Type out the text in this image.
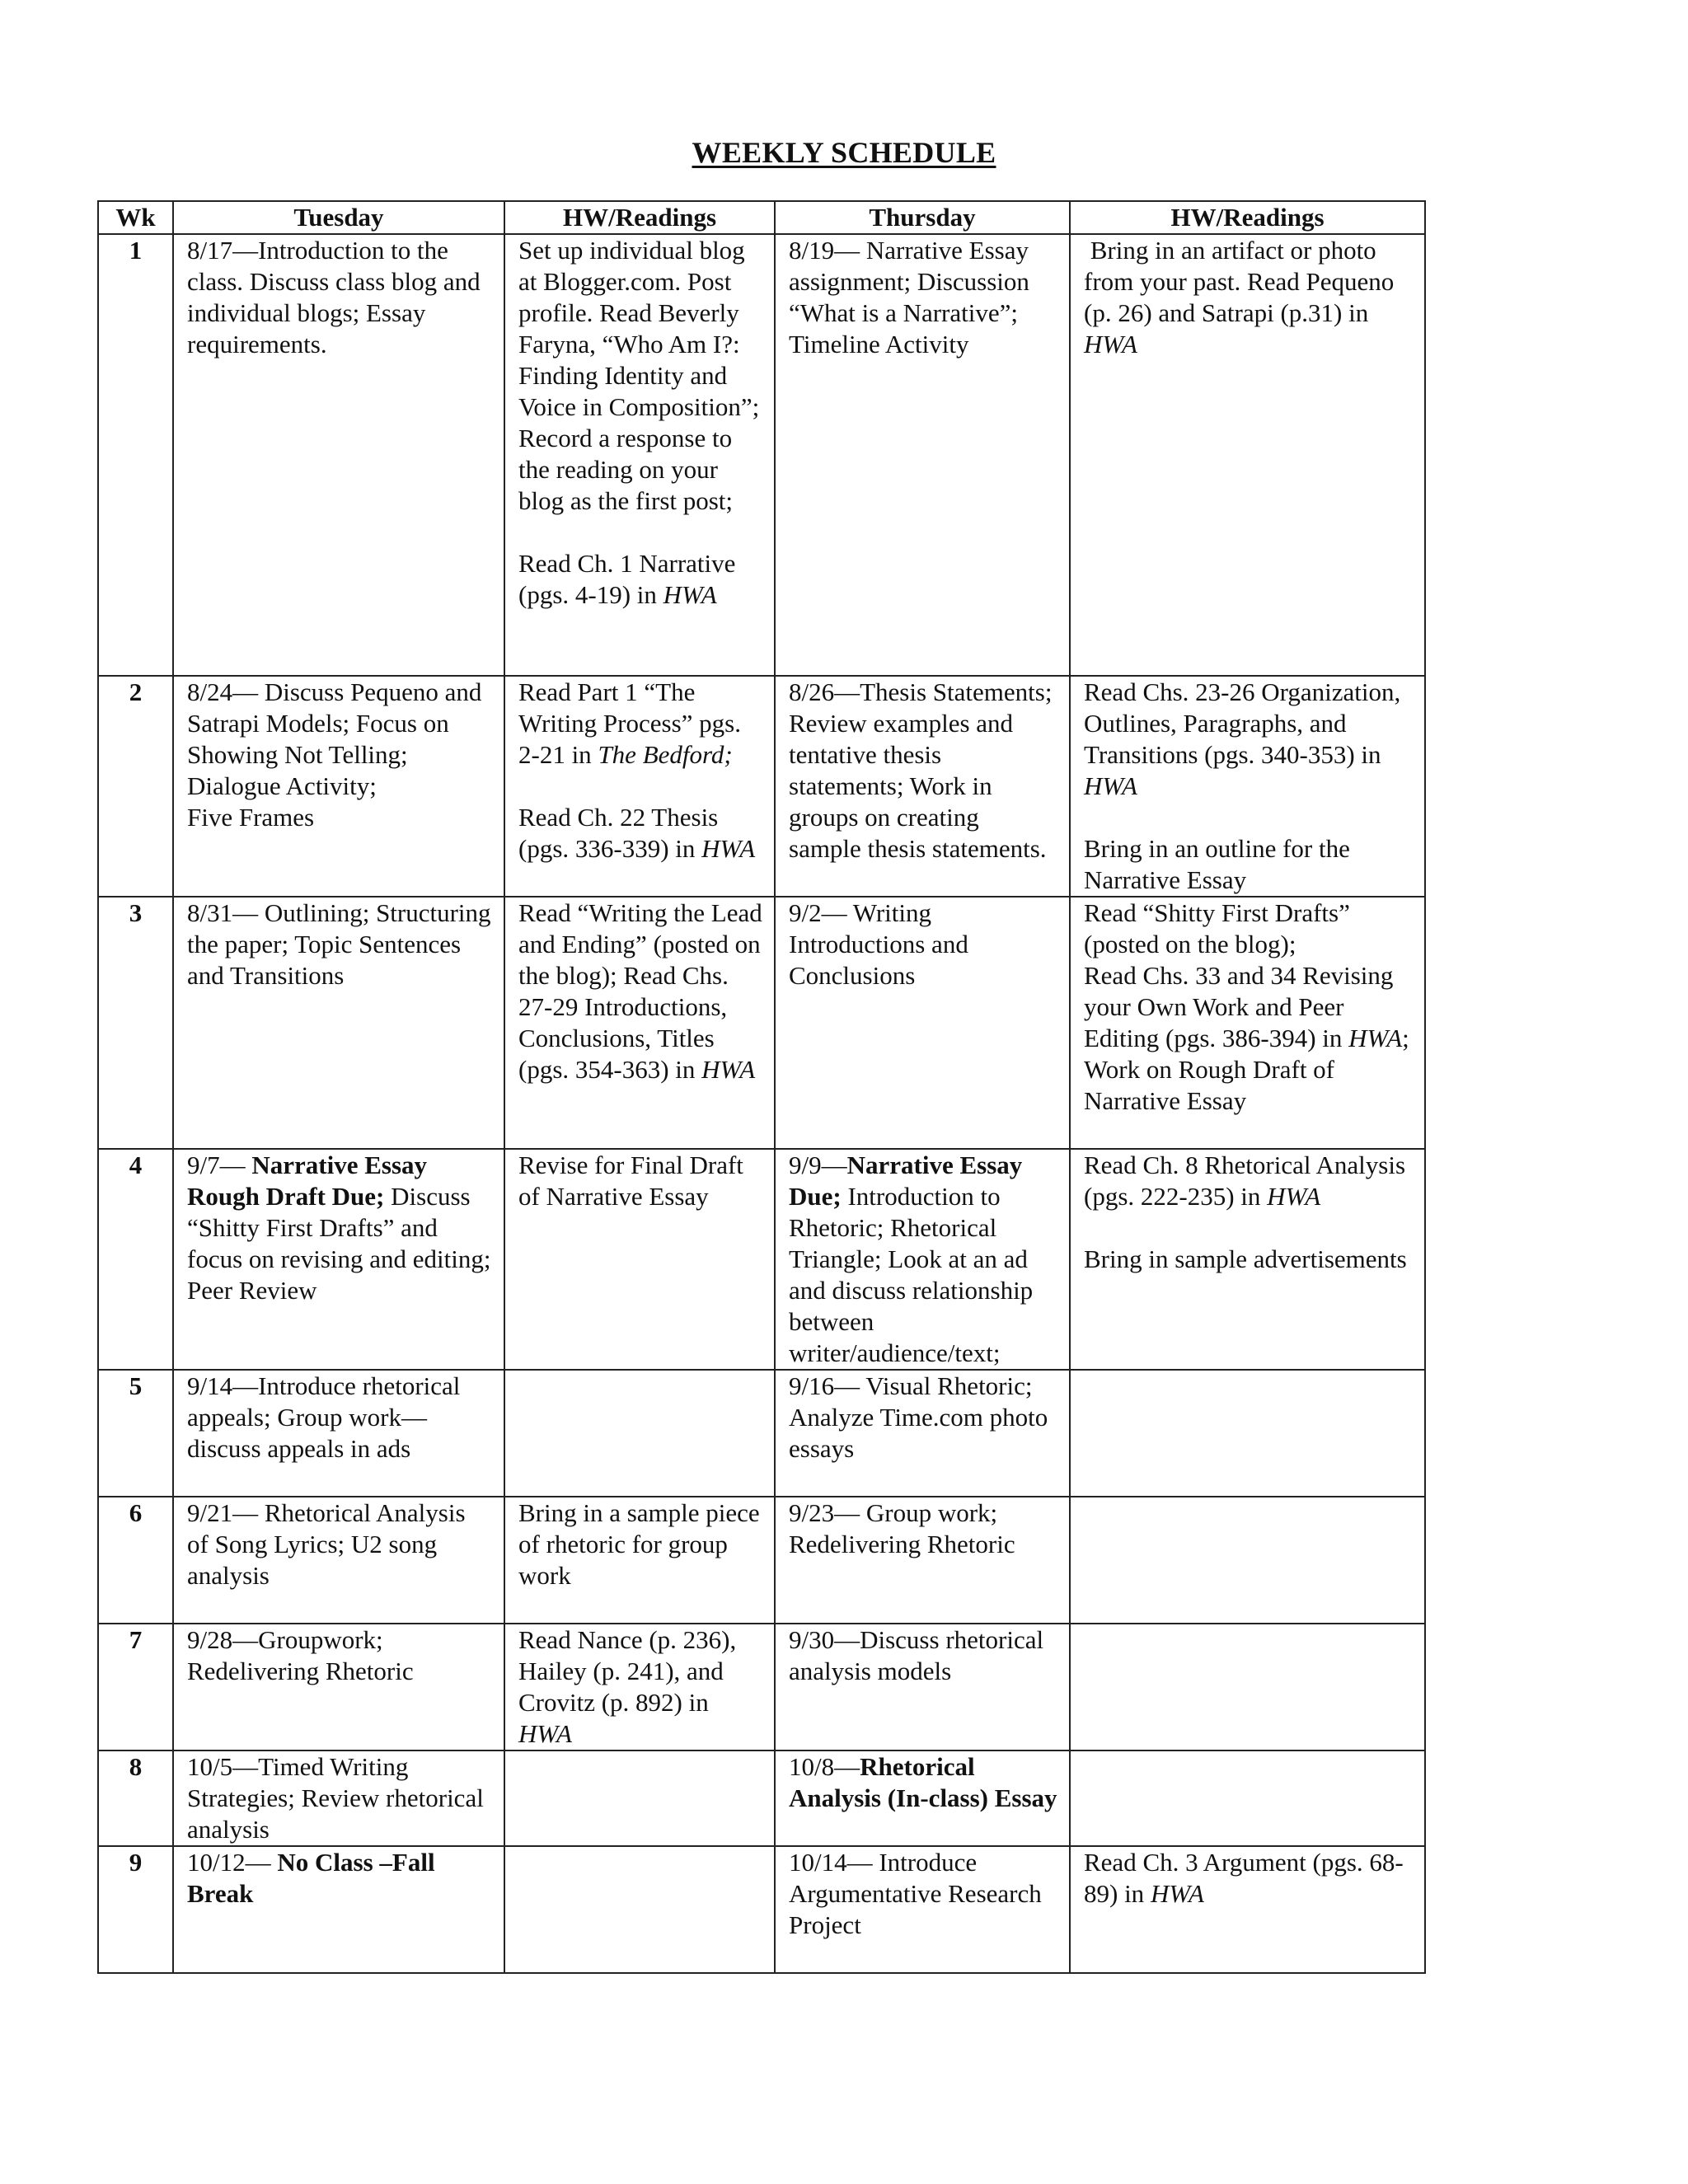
WEEKLY SCHEDULE
Wk	Tuesday	HW/Readings	Thursday	HW/Readings
1	8/17—Introduction to the class. Discuss class blog and individual blogs; Essay requirements.	Set up individual blog at Blogger.com. Post profile. Read Beverly Faryna, “Who Am I?: Finding Identity and Voice in Composition”; Record a response to the reading on your blog as the first post;
Read Ch. 1 Narrative (pgs. 4-19) in HWA	8/19— Narrative Essay assignment; Discussion “What is a Narrative”; Timeline Activity	Bring in an artifact or photo from your past. Read Pequeno (p. 26) and Satrapi (p.31) in HWA
2	8/24— Discuss Pequeno and Satrapi Models; Focus on Showing Not Telling; Dialogue Activity;
Five Frames	Read Part 1 “The Writing Process” pgs. 2-21 in The Bedford;
Read Ch. 22 Thesis (pgs. 336-339) in HWA	8/26—Thesis Statements; Review examples and tentative thesis statements; Work in groups on creating sample thesis statements.	Read Chs. 23-26 Organization, Outlines, Paragraphs, and Transitions (pgs. 340-353) in HWA
Bring in an outline for the Narrative Essay

3	8/31— Outlining; Structuring the paper; Topic Sentences and Transitions	Read “Writing the Lead and Ending” (posted on the blog); Read Chs. 27-29 Introductions, Conclusions, Titles (pgs. 354-363) in HWA	9/2— Writing Introductions and Conclusions	Read “Shitty First Drafts” (posted on the blog);
Read Chs. 33 and 34 Revising your Own Work and Peer Editing (pgs. 386-394) in HWA; Work on Rough Draft of Narrative Essay
4	9/7— Narrative Essay Rough Draft Due; Discuss “Shitty First Drafts” and focus on revising and editing; Peer Review	Revise for Final Draft of Narrative Essay	9/9—Narrative Essay Due; Introduction to Rhetoric; Rhetorical Triangle; Look at an ad and discuss relationship between writer/audience/text;	Read Ch. 8 Rhetorical Analysis (pgs. 222-235) in HWA
Bring in sample advertisements

5	9/14—Introduce rhetorical appeals; Group work—discuss appeals in ads		9/16— Visual Rhetoric; Analyze Time.com photo essays	
6	9/21— Rhetorical Analysis of Song Lyrics; U2 song analysis	Bring in a sample piece of rhetoric for group work	9/23— Group work; Redelivering Rhetoric	
7	9/28—Groupwork; Redelivering Rhetoric	Read Nance (p. 236), Hailey (p. 241), and Crovitz (p. 892) in HWA	9/30—Discuss rhetorical analysis models	
8	10/5—Timed Writing Strategies; Review rhetorical analysis		10/8—Rhetorical Analysis (In-class) Essay	
9	10/12— No Class –Fall Break		10/14— Introduce Argumentative Research Project	Read Ch. 3 Argument (pgs. 68-89) in HWA
